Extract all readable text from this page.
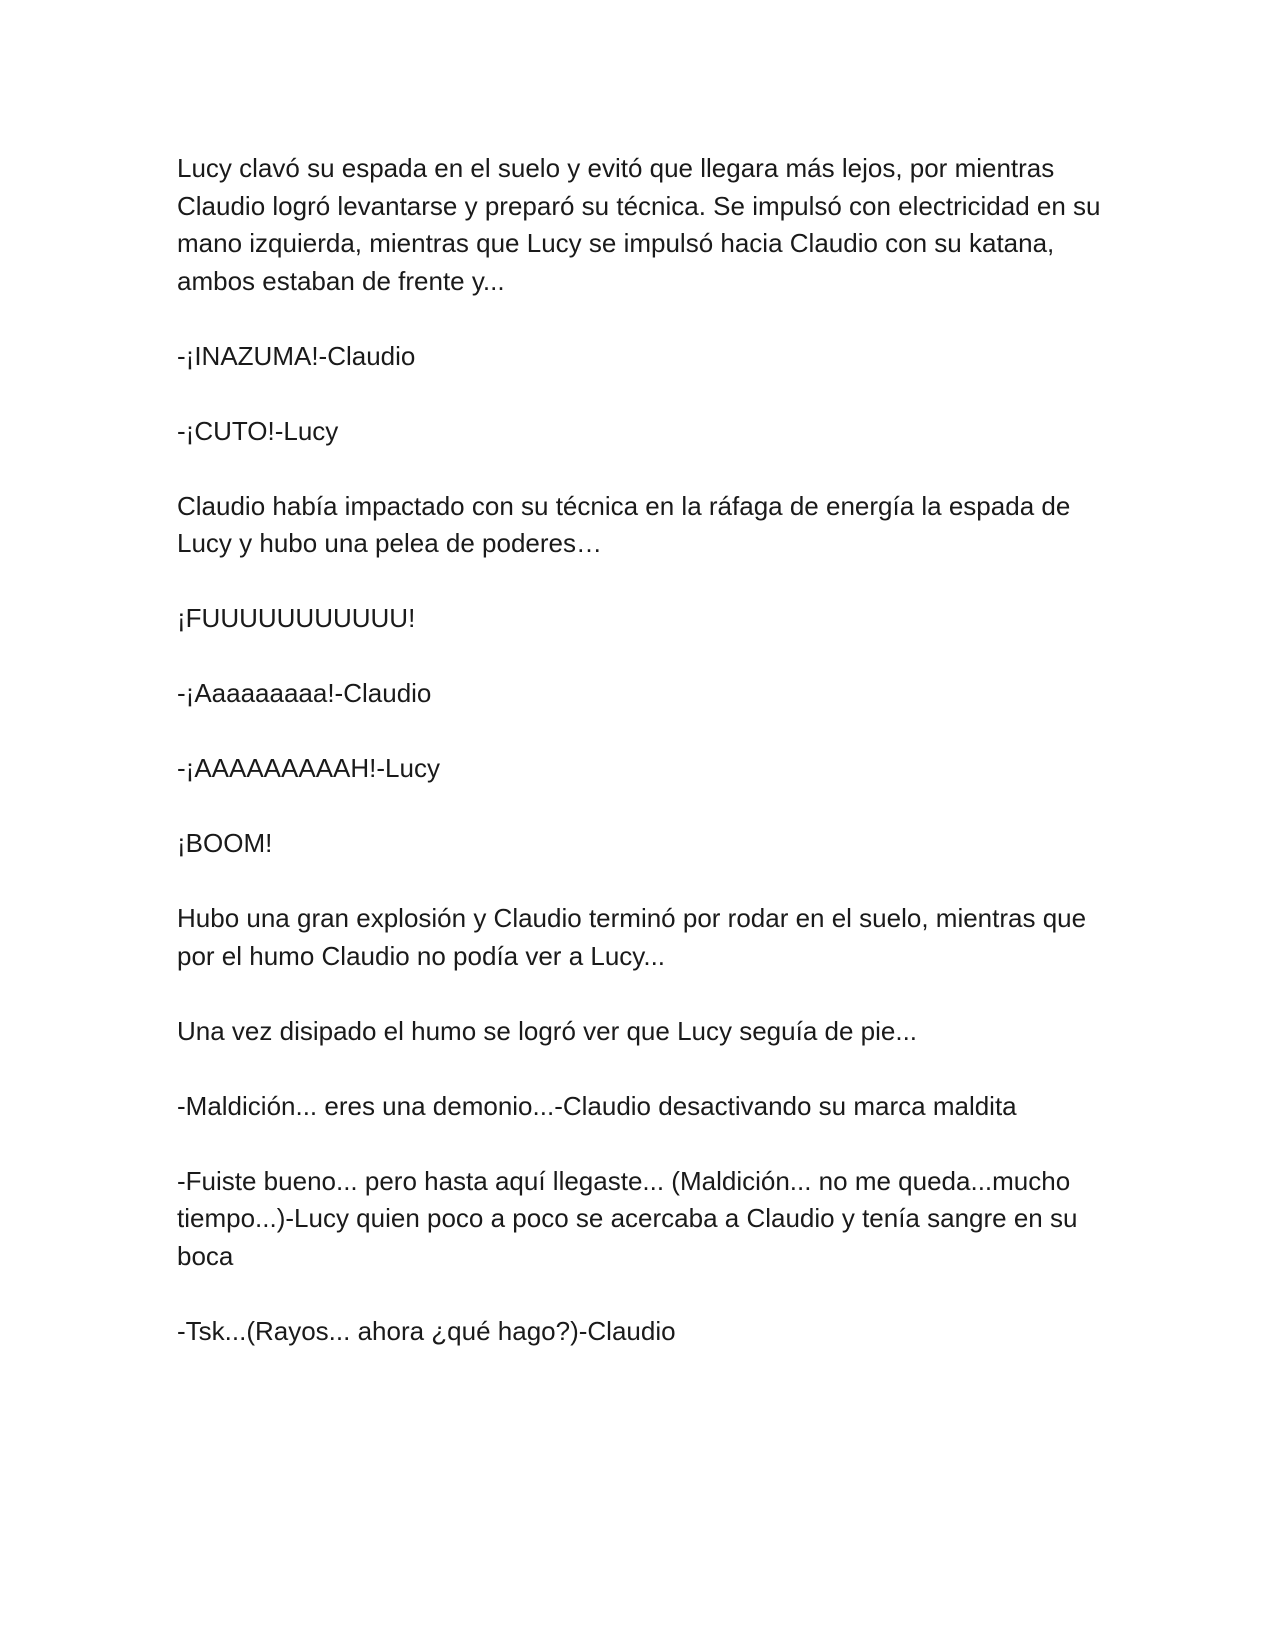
Lucy clavó su espada en el suelo y evitó que llegara más lejos, por mientras Claudio logró levantarse y preparó su técnica. Se impulsó con electricidad en su mano izquierda, mientras que Lucy se impulsó hacia Claudio con su katana, ambos estaban de frente y...

-¡INAZUMA!-Claudio

-¡CUTO!-Lucy

Claudio había impactado con su técnica en la ráfaga de energía la espada de Lucy y hubo una pelea de poderes…

¡FUUUUUUUUUUU!

-¡Aaaaaaaaa!-Claudio

-¡AAAAAAAAAH!-Lucy

¡BOOM!

Hubo una gran explosión y Claudio terminó por rodar en el suelo, mientras que por el humo Claudio no podía ver a Lucy...

Una vez disipado el humo se logró ver que Lucy seguía de pie...

-Maldición... eres una demonio...-Claudio desactivando su marca maldita

-Fuiste bueno... pero hasta aquí llegaste... (Maldición... no me queda...mucho tiempo...)-Lucy quien poco a poco se acercaba a Claudio y tenía sangre en su boca

-Tsk...(Rayos... ahora ¿qué hago?)-Claudio
